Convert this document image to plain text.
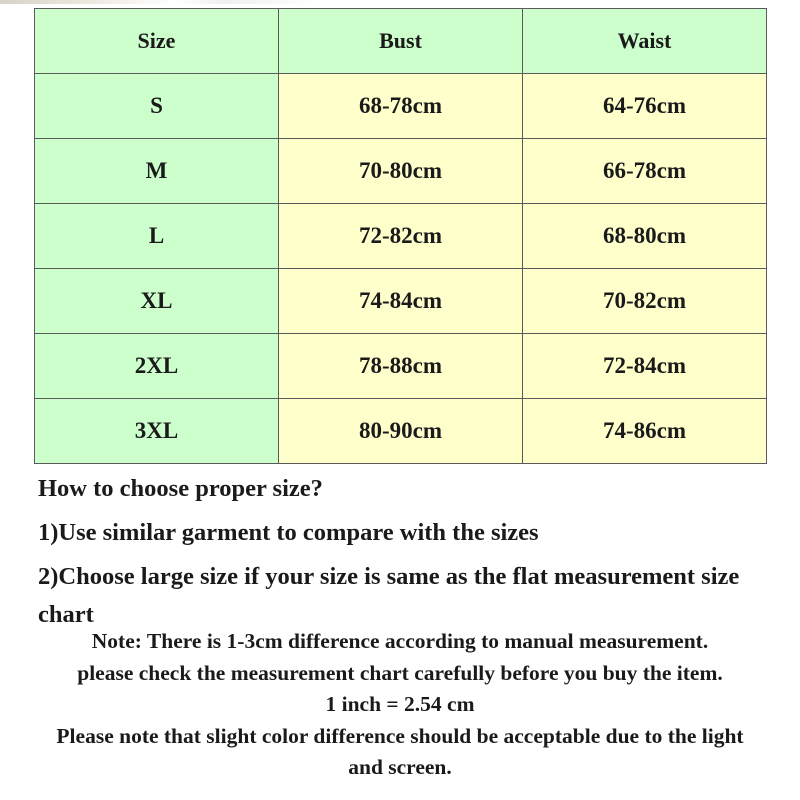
Size	Bust	Waist
S	68-78cm	64-76cm
M	70-80cm	66-78cm
L	72-82cm	68-80cm
XL	74-84cm	70-82cm
2XL	78-88cm	72-84cm
3XL	80-90cm	74-86cm

How to choose proper size?

1)Use similar garment to compare with the sizes

2)Choose large size if your size is same as the flat measurement size chart

Note: There is 1-3cm difference according to manual measurement.

please check the measurement chart carefully before you buy the item.

1 inch = 2.54 cm

Please note that slight color difference should be acceptable due to the light

and screen.
